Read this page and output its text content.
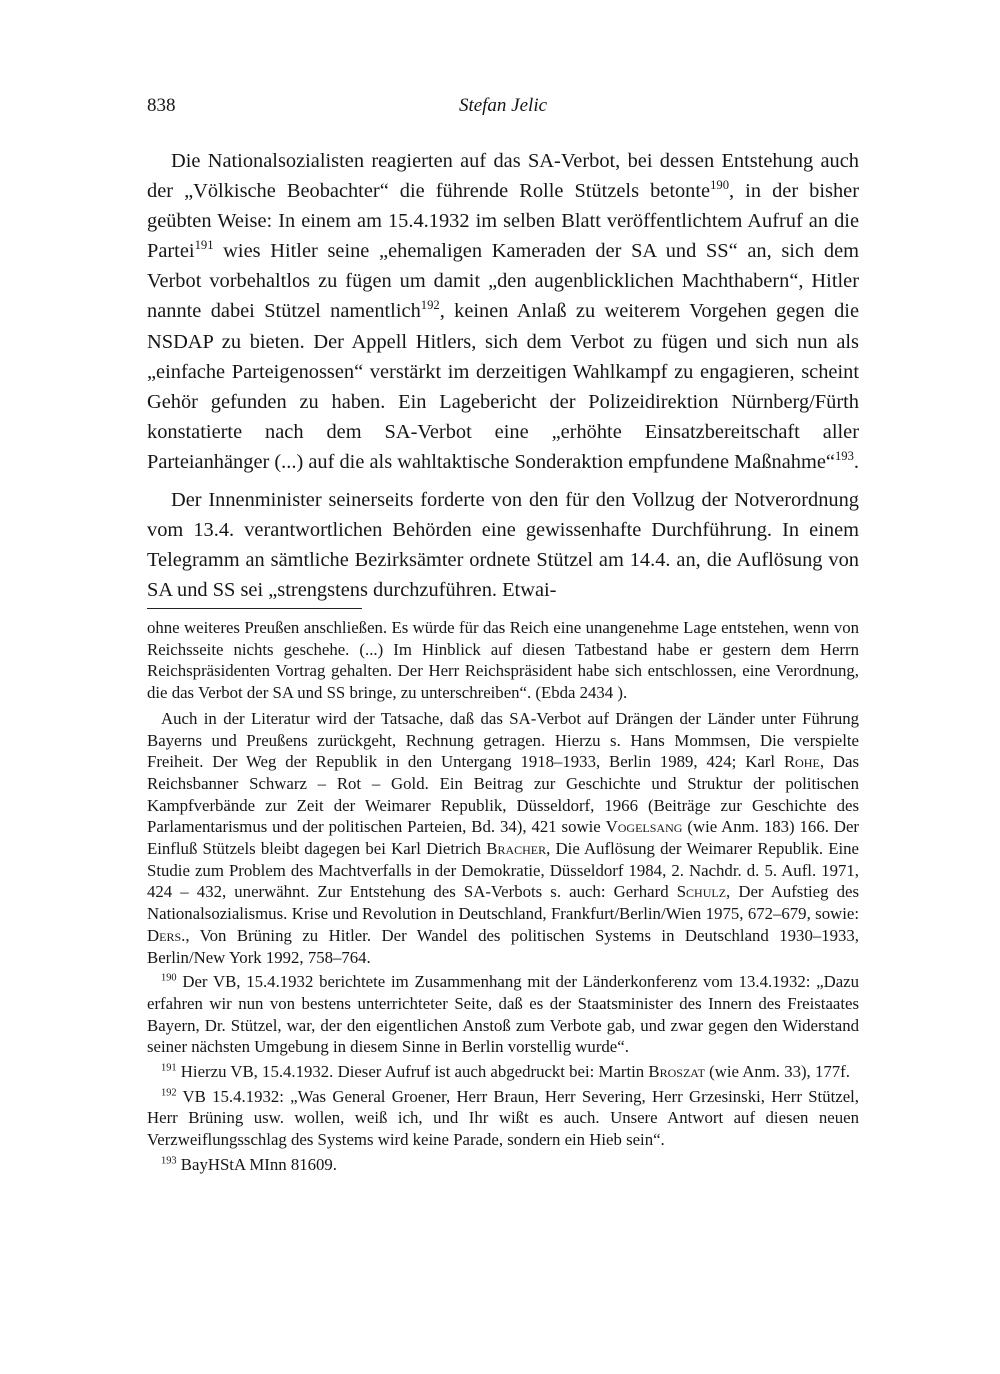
838	Stefan Jelic

Die Nationalsozialisten reagierten auf das SA-Verbot, bei dessen Entstehung auch der „Völkische Beobachter“ die führende Rolle Stützels betonte$^{190}$, in der bisher geübten Weise: In einem am 15.4.1932 im selben Blatt veröffentlichtem Aufruf an die Partei$^{191}$ wies Hitler seine „ehemaligen Kameraden der SA und SS“ an, sich dem Verbot vorbehaltlos zu fügen um damit „den augenblicklichen Machthabern“, Hitler nannte dabei Stützel namentlich$^{192}$, keinen Anlaß zu weiterem Vorgehen gegen die NSDAP zu bieten. Der Appell Hitlers, sich dem Verbot zu fügen und sich nun als „einfache Parteigenossen“ verstärkt im derzeitigen Wahlkampf zu engagieren, scheint Gehör gefunden zu haben. Ein Lagebericht der Polizeidirektion Nürnberg/Fürth konstatierte nach dem SA-Verbot eine „erhöhte Einsatzbereitschaft aller Parteianhänger (...) auf die als wahltaktische Sonderaktion empfundene Maßnahme“$^{193}$.

Der Innenminister seinerseits forderte von den für den Vollzug der Notverordnung vom 13.4. verantwortlichen Behörden eine gewissenhafte Durchführung. In einem Telegramm an sämtliche Bezirksämter ordnete Stützel am 14.4. an, die Auflösung von SA und SS sei „strengstens durchzuführen. Etwai-

ohne weiteres Preußen anschließen. Es würde für das Reich eine unangenehme Lage entstehen, wenn von Reichsseite nichts geschehe. (...) Im Hinblick auf diesen Tatbestand habe er gestern dem Herrn Reichspräsidenten Vortrag gehalten. Der Herr Reichspräsident habe sich entschlossen, eine Verordnung, die das Verbot der SA und SS bringe, zu unterschreiben“. (Ebda 2434 ).

Auch in der Literatur wird der Tatsache, daß das SA-Verbot auf Drängen der Länder unter Führung Bayerns und Preußens zurückgeht, Rechnung getragen. Hierzu s. Hans Mommsen, Die verspielte Freiheit. Der Weg der Republik in den Untergang 1918–1933, Berlin 1989, 424; Karl Rohe, Das Reichsbanner Schwarz – Rot – Gold. Ein Beitrag zur Geschichte und Struktur der politischen Kampfverbände zur Zeit der Weimarer Republik, Düsseldorf, 1966 (Beiträge zur Geschichte des Parlamentarismus und der politischen Parteien, Bd. 34), 421 sowie Vogelsang (wie Anm. 183) 166. Der Einfluß Stützels bleibt dagegen bei Karl Dietrich Bracher, Die Auflösung der Weimarer Republik. Eine Studie zum Problem des Machtverfalls in der Demokratie, Düsseldorf 1984, 2. Nachdr. d. 5. Aufl. 1971, 424 – 432, unerwähnt. Zur Entstehung des SA-Verbots s. auch: Gerhard Schulz, Der Aufstieg des Nationalsozialismus. Krise und Revolution in Deutschland, Frankfurt/Berlin/Wien 1975, 672–679, sowie: Ders., Von Brüning zu Hitler. Der Wandel des politischen Systems in Deutschland 1930–1933, Berlin/New York 1992, 758–764.

$^{190}$ Der VB, 15.4.1932 berichtete im Zusammenhang mit der Länderkonferenz vom 13.4.1932: „Dazu erfahren wir nun von bestens unterrichteter Seite, daß es der Staatsminister des Innern des Freistaates Bayern, Dr. Stützel, war, der den eigentlichen Anstoß zum Verbote gab, und zwar gegen den Widerstand seiner nächsten Umgebung in diesem Sinne in Berlin vorstellig wurde“.

$^{191}$ Hierzu VB, 15.4.1932. Dieser Aufruf ist auch abgedruckt bei: Martin Broszat (wie Anm. 33), 177f.

$^{192}$ VB 15.4.1932: „Was General Groener, Herr Braun, Herr Severing, Herr Grzesinski, Herr Stützel, Herr Brüning usw. wollen, weiß ich, und Ihr wißt es auch. Unsere Antwort auf diesen neuen Verzweiflungsschlag des Systems wird keine Parade, sondern ein Hieb sein“.

$^{193}$ BayHStA MInn 81609.
